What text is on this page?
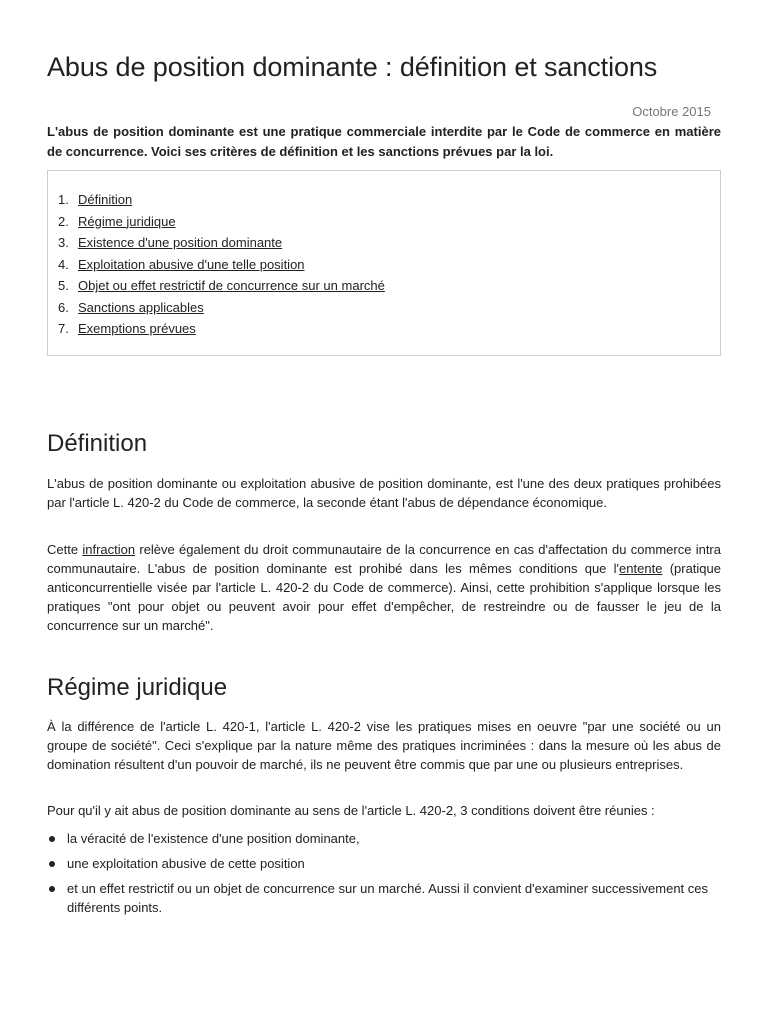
Abus de position dominante : définition et sanctions
Octobre 2015

L'abus de position dominante est une pratique commerciale interdite par le Code de commerce en matière de concurrence. Voici ses critères de définition et les sanctions prévues par la loi.

1. Définition
2. Régime juridique
3. Existence d'une position dominante
4. Exploitation abusive d'une telle position
5. Objet ou effet restrictif de concurrence sur un marché
6. Sanctions applicables
7. Exemptions prévues
Définition

L'abus de position dominante ou exploitation abusive de position dominante, est l'une des deux pratiques prohibées par l'article L. 420-2 du Code de commerce, la seconde étant l'abus de dépendance économique.

Cette infraction relève également du droit communautaire de la concurrence en cas d'affectation du commerce intra communautaire. L'abus de position dominante est prohibé dans les mêmes conditions que l'entente (pratique anticoncurrentielle visée par l'article L. 420-2 du Code de commerce). Ainsi, cette prohibition s'applique lorsque les pratiques "ont pour objet ou peuvent avoir pour effet d'empêcher, de restreindre ou de fausser le jeu de la concurrence sur un marché".

Régime juridique

À la différence de l'article L. 420-1, l'article L. 420-2 vise les pratiques mises en oeuvre "par une société ou un groupe de société". Ceci s'explique par la nature même des pratiques incriminées : dans la mesure où les abus de domination résultent d'un pouvoir de marché, ils ne peuvent être commis que par une ou plusieurs entreprises.

Pour qu'il y ait abus de position dominante au sens de l'article L. 420-2, 3 conditions doivent être réunies :

la véracité de l'existence d'une position dominante,
une exploitation abusive de cette position
et un effet restrictif ou un objet de concurrence sur un marché. Aussi il convient d'examiner successivement ces différents points.
